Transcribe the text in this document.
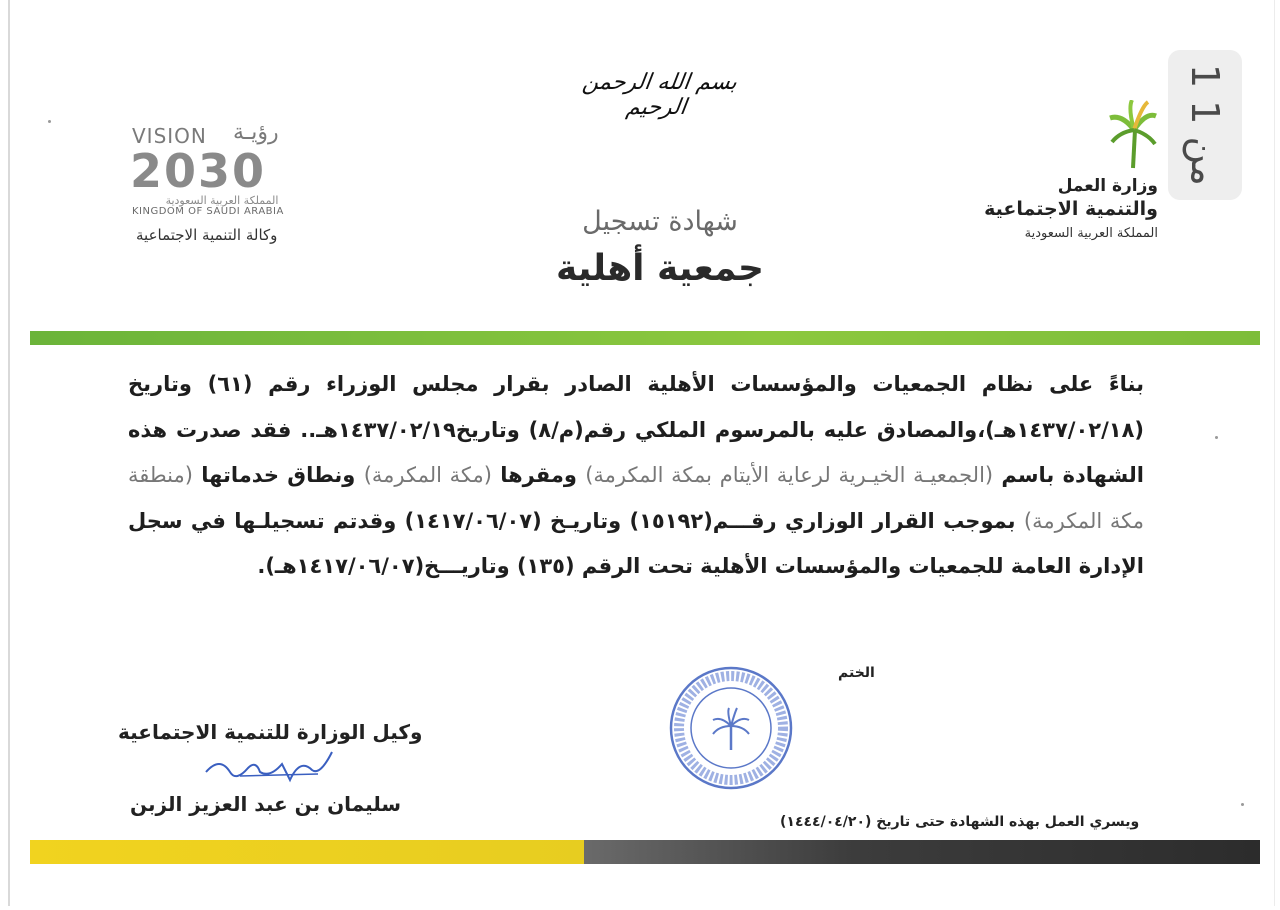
1 من 1
بسم الله الرحمن الرحيم
وزارة العمل
والتنمية الاجتماعية
المملكة العربية السعودية
VISION رؤيـة
2030
المملكة العربية السعودية
KINGDOM OF SAUDI ARABIA
وكالة التنمية الاجتماعية	شهادة تسجيل
جمعية أهلية
بناءً على نظام الجمعيات والمؤسسات الأهلية الصادر بقرار مجلس الوزراء رقم (٦١) وتاريخ (١٤٣٧/٠٢/١٨هـ)،والمصادق عليه بالمرسوم الملكي رقم(م/٨) وتاريخ١٤٣٧/٠٢/١٩هـ.. فقد صدرت هذه الشهادة باسم (الجمعيـة الخيـرية لرعاية الأيتام بمكة المكرمة) ومقرها (مكة المكرمة) ونطاق خدماتها (منطقة مكة المكرمة) بموجب القرار الوزاري رقـــم(١٥١٩٢) وتاريـخ (١٤١٧/٠٦/٠٧) وقدتم تسجيلـها في سجل الإدارة العامة للجمعيات والمؤسسات الأهلية تحت الرقم (١٣٥) وتاريـــخ(١٤١٧/٠٦/٠٧هـ).
الختم
وكيل الوزارة للتنمية الاجتماعية
سليمان بن عبد العزيز الزبن
ويسري العمل بهذه الشهادة حتى تاريخ (١٤٤٤/٠٤/٢٠)
